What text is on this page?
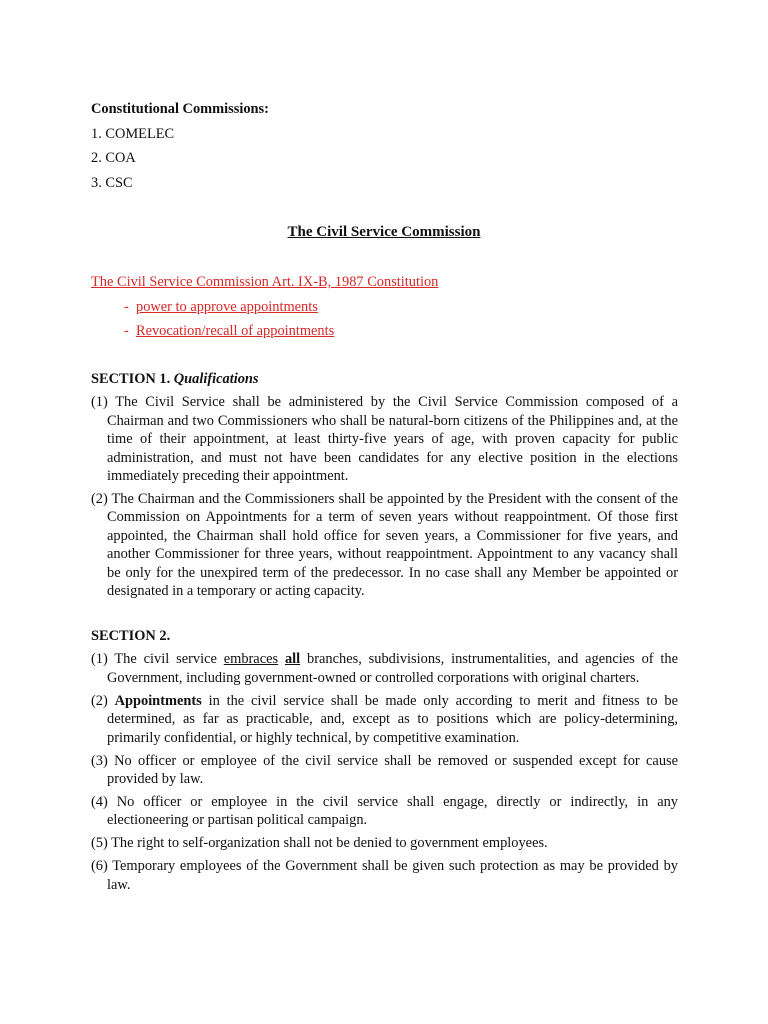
Constitutional Commissions:

1. COMELEC

2. COA

3. CSC

The Civil Service Commission

The Civil Service Commission Art. IX-B, 1987 Constitution

- power to approve appointments

- Revocation/recall of appointments

SECTION 1. Qualifications

(1) The Civil Service shall be administered by the Civil Service Commission composed of a Chairman and two Commissioners who shall be natural-born citizens of the Philippines and, at the time of their appointment, at least thirty-five years of age, with proven capacity for public administration, and must not have been candidates for any elective position in the elections immediately preceding their appointment.

(2) The Chairman and the Commissioners shall be appointed by the President with the consent of the Commission on Appointments for a term of seven years without reappointment. Of those first appointed, the Chairman shall hold office for seven years, a Commissioner for five years, and another Commissioner for three years, without reappointment. Appointment to any vacancy shall be only for the unexpired term of the predecessor. In no case shall any Member be appointed or designated in a temporary or acting capacity.

SECTION 2.

(1) The civil service embraces all branches, subdivisions, instrumentalities, and agencies of the Government, including government-owned or controlled corporations with original charters.

(2) Appointments in the civil service shall be made only according to merit and fitness to be determined, as far as practicable, and, except as to positions which are policy-determining, primarily confidential, or highly technical, by competitive examination.

(3) No officer or employee of the civil service shall be removed or suspended except for cause provided by law.

(4) No officer or employee in the civil service shall engage, directly or indirectly, in any electioneering or partisan political campaign.

(5) The right to self-organization shall not be denied to government employees.

(6) Temporary employees of the Government shall be given such protection as may be provided by law.
